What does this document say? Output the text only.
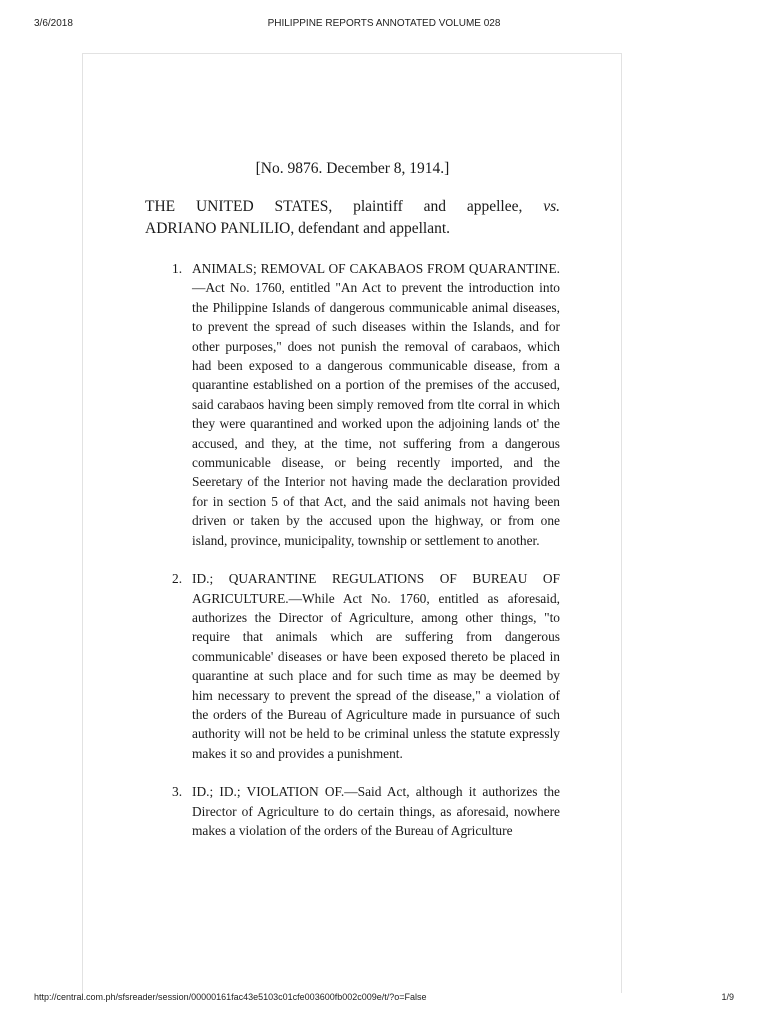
3/6/2018	PHILIPPINE REPORTS ANNOTATED VOLUME 028

[No. 9876. December 8, 1914.]

THE UNITED STATES, plaintiff and appellee, vs.
ADRIANO PANLILIO, defendant and appellant.

1. ANIMALS; REMOVAL OF CAKABAOS FROM QUARANTINE.—Act No. 1760, entitled "An Act to prevent the introduction into the Philippine Islands of dangerous communicable animal diseases, to prevent the spread of such diseases within the Islands, and for other purposes," does not punish the removal of carabaos, which had been exposed to a dangerous communicable disease, from a quarantine established on a portion of the premises of the accused, said carabaos having been simply removed from tlte corral in which they were quarantined and worked upon the adjoining lands ot' the accused, and they, at the time, not suffering from a dangerous communicable disease, or being recently imported, and the Seeretary of the Interior not having made the declaration provided for in section 5 of that Act, and the said animals not having been driven or taken by the accused upon the highway, or from one island, province, municipality, township or settlement to another.
2. ID.; QUARANTINE REGULATIONS OF BUREAU OF AGRICULTURE.—While Act No. 1760, entitled as aforesaid, authorizes the Director of Agriculture, among other things, "to require that animals which are suffering from dangerous communicable' diseases or have been exposed thereto be placed in quarantine at such place and for such time as may be deemed by him necessary to prevent the spread of the disease," a violation of the orders of the Bureau of Agriculture made in pursuance of such authority will not be held to be criminal unless the statute expressly makes it so and provides a punishment.
3. ID.; ID.; VIOLATION OF.—Said Act, although it authorizes the Director of Agriculture to do certain things, as aforesaid, nowhere makes a violation of the orders of the Bureau of Agriculture
http://central.com.ph/sfsreader/session/00000161fac43e5103c01cfe003600fb002c009e/t/?o=False	1/9
